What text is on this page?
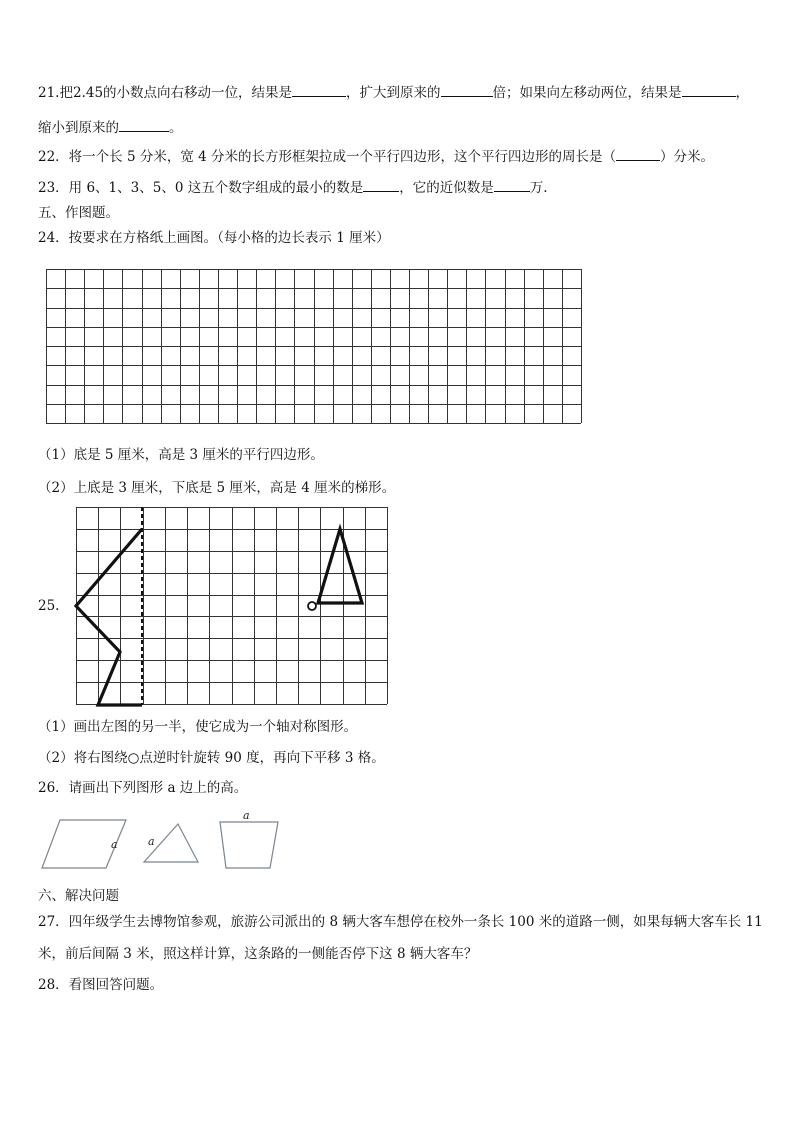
21.把2.45的小数点向右移动一位，结果是	，扩大到原来的	倍；如果向左移动两位，结果是	，
缩小到原来的	。
22．将一个长 5 分米，宽 4 分米的长方形框架拉成一个平行四边形，这个平行四边形的周长是（	）分米。
23．用 6、1、3、5、0 这五个数字组成的最小的数是	，它的近似数是	万.
五、作图题。
24．按要求在方格纸上画图。（每小格的边长表示 1 厘米）
（1）底是 5 厘米，高是 3 厘米的平行四边形。
（2）上底是 3 厘米，下底是 5 厘米，高是 4 厘米的梯形。
25.
（1）画出左图的另一半，使它成为一个轴对称图形。
（2）将右图绕○点逆时针旋转 90 度，再向下平移 3 格。
26．请画出下列图形 a 边上的高。
a	a
a
六、解决问题
27．四年级学生去博物馆参观，旅游公司派出的 8 辆大客车想停在校外一条长 100 米的道路一侧，如果每辆大客车长 11
米，前后间隔 3 米，照这样计算，这条路的一侧能否停下这 8 辆大客车？
28．看图回答问题。
